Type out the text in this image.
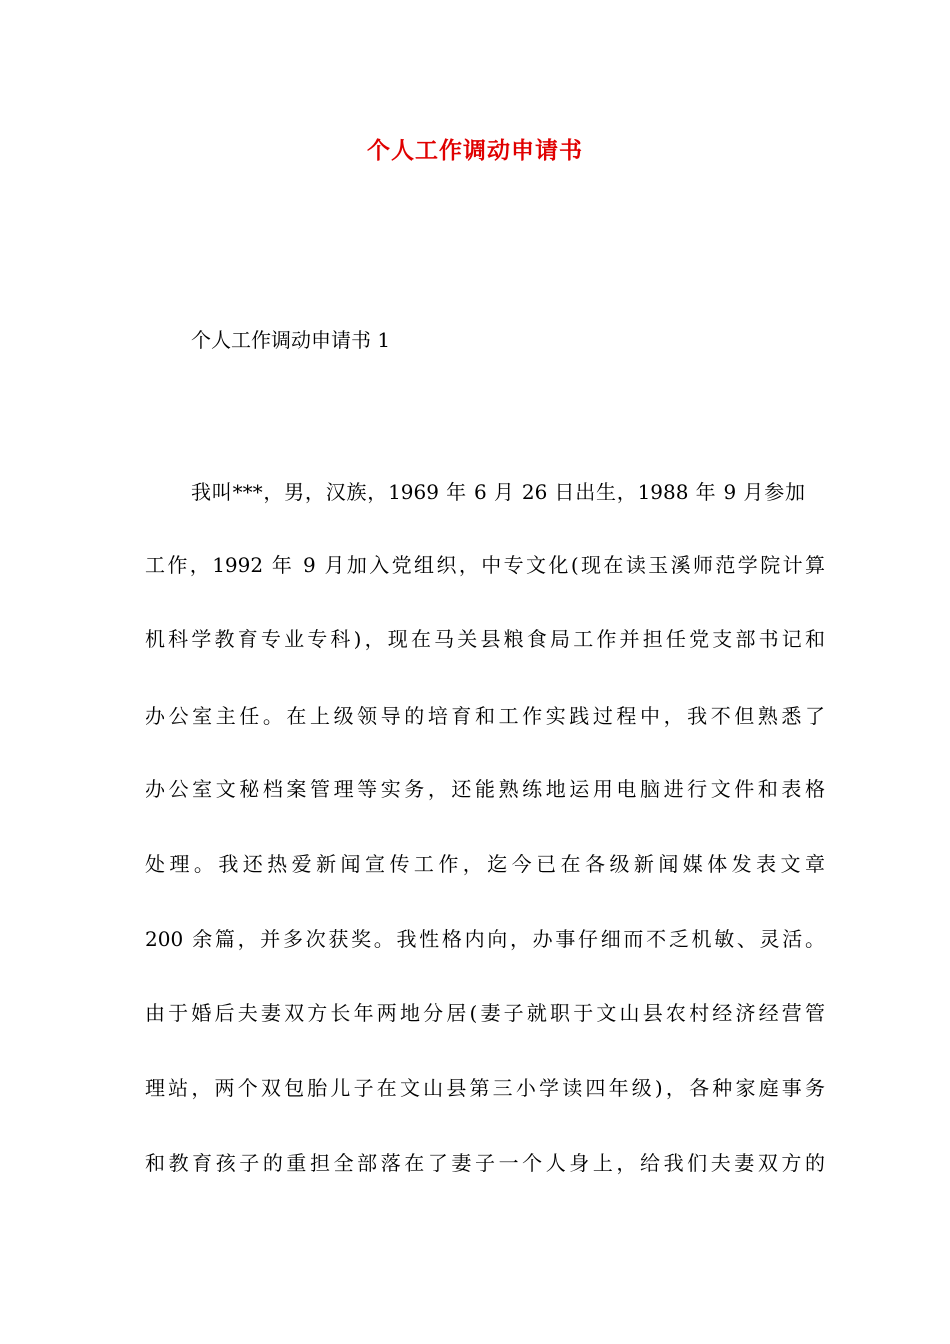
个人工作调动申请书
个人工作调动申请书 1
我叫***，男，汉族，1969 年 6 月 26 日出生，1988 年 9 月参加
工作，1992 年 9 月加入党组织，中专文化(现在读玉溪师范学院计算
机科学教育专业专科)，现在马关县粮食局工作并担任党支部书记和
办公室主任。在上级领导的培育和工作实践过程中，我不但熟悉了
办公室文秘档案管理等实务，还能熟练地运用电脑进行文件和表格
处理。我还热爱新闻宣传工作，迄今已在各级新闻媒体发表文章
200 余篇，并多次获奖。我性格内向，办事仔细而不乏机敏、灵活。
由于婚后夫妻双方长年两地分居(妻子就职于文山县农村经济经营管
理站，两个双包胎儿子在文山县第三小学读四年级)，各种家庭事务
和教育孩子的重担全部落在了妻子一个人身上，给我们夫妻双方的
